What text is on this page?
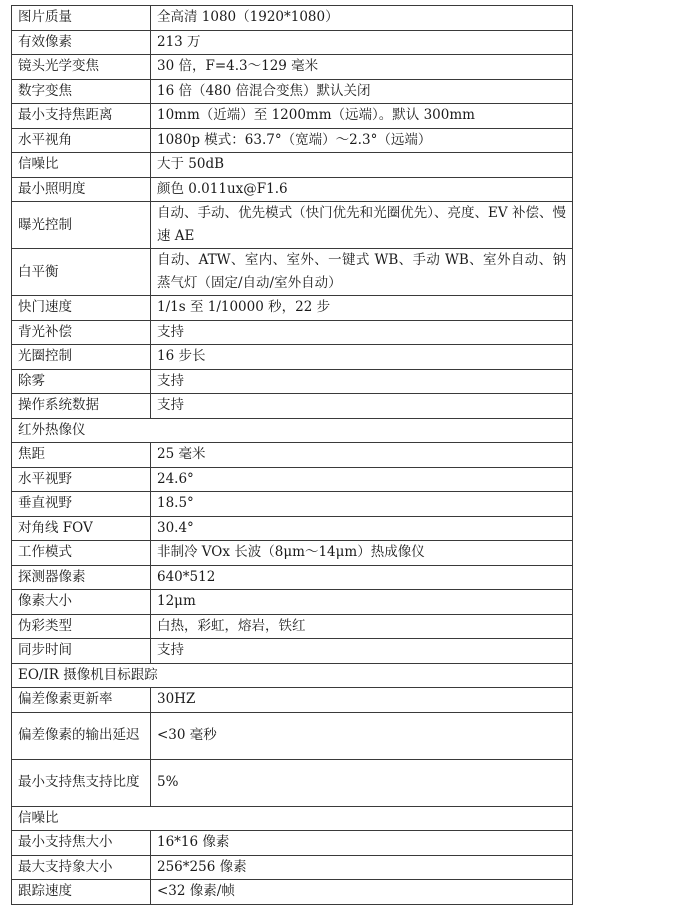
图片质量	全高清 1080（1920*1080）
有效像素	213 万
镜头光学变焦	30 倍，F=4.3～129 毫米
数字变焦	16 倍（480 倍混合变焦）默认关闭
最小支持焦距离	10mm（近端）至 1200mm（远端）。默认 300mm
水平视角	1080p 模式：63.7°（宽端）～2.3°（远端）
信噪比	大于 50dB
最小照明度	颜色 0.011ux@F1.6
曝光控制	自动、手动、优先模式（快门优先和光圈优先）、亮度、EV 补偿、慢速 AE

白平衡	自动、ATW、室内、室外、一键式 WB、手动 WB、室外自动、钠蒸气灯（固定/自动/室外自动）

快门速度	1/1s 至 1/10000 秒，22 步
背光补偿	支持
光圈控制	16 步长
除雾	支持
操作系统数据	支持
红外热像仪	
焦距	25 毫米
水平视野	24.6°
垂直视野	18.5°
对角线 FOV	30.4°
工作模式	非制冷 VOx 长波（8μm～14μm）热成像仪
探测器像素	640*512
像素大小	12μm
伪彩类型	白热，彩虹，熔岩，铁红
同步时间	支持
EO/IR 摄像机目标跟踪	
偏差像素更新率	30HZ

偏差像素的输出延迟	<30 毫秒

最小支持焦支持比度	5%
信噪比	
最小支持焦大小	16*16 像素
最大支持象大小	256*256 像素
跟踪速度	<32 像素/帧
